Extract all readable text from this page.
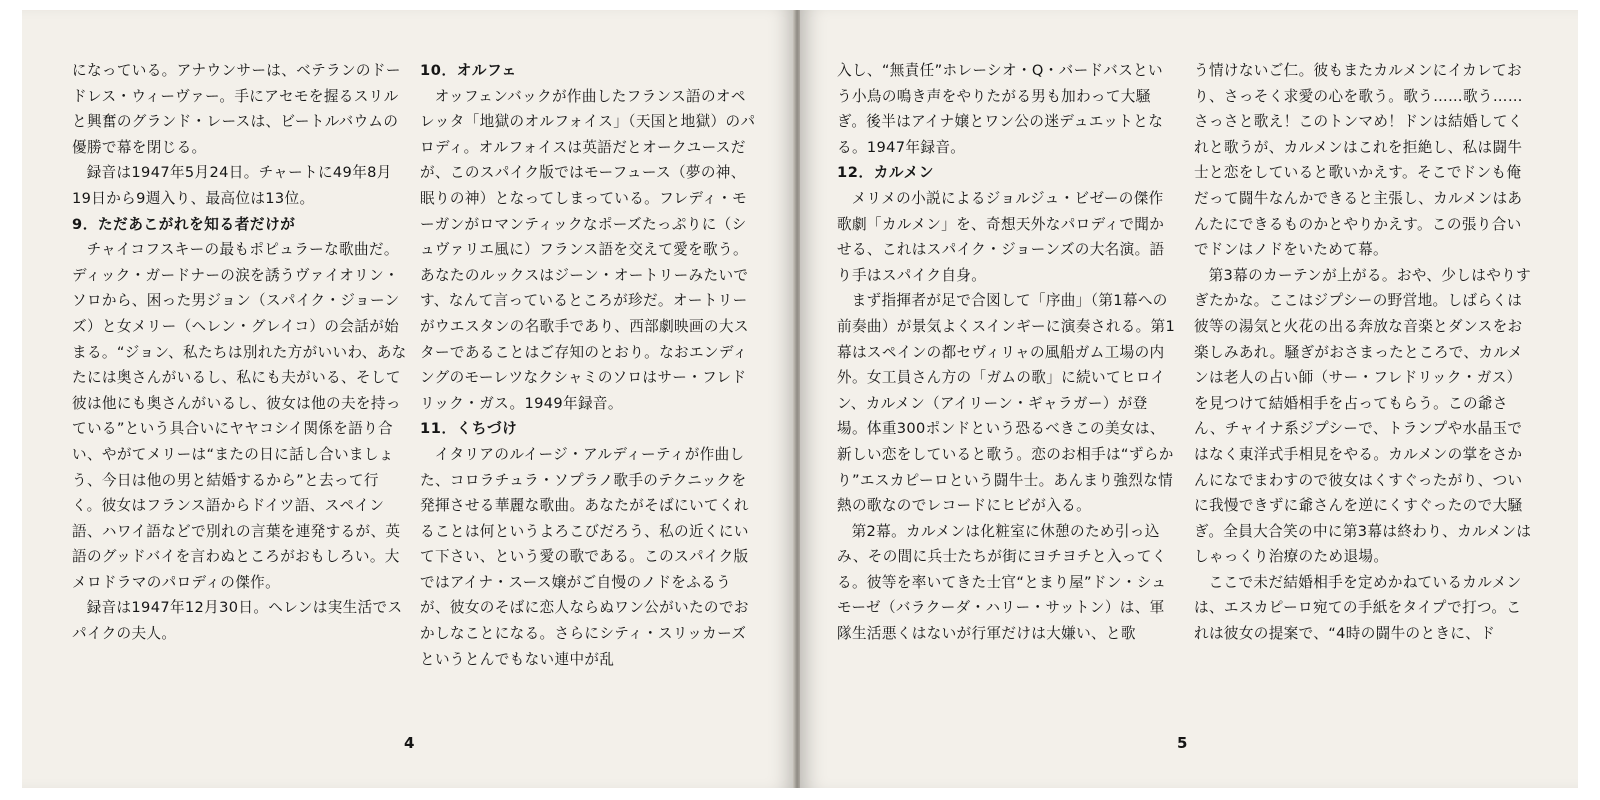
になっている。アナウンサーは、ベテランのドードレス・ウィーヴァー。手にアセモを握るスリルと興奮のグランド・レースは、ビートルバウムの優勝で幕を閉じる。

録音は1947年5月24日。チャートに49年8月19日から9週入り、最高位は13位。

9．ただあこがれを知る者だけが

チャイコフスキーの最もポピュラーな歌曲だ。ディック・ガードナーの涙を誘うヴァイオリン・ソロから、困った男ジョン（スパイク・ジョーンズ）と女メリー（ヘレン・グレイコ）の会話が始まる。“ジョン、私たちは別れた方がいいわ、あなたには奥さんがいるし、私にも夫がいる、そして彼は他にも奥さんがいるし、彼女は他の夫を持っている”という具合いにヤヤコシイ関係を語り合い、やがてメリーは“またの日に話し合いましょう、今日は他の男と結婚するから”と去って行く。彼女はフランス語からドイツ語、スペイン語、ハワイ語などで別れの言葉を連発するが、英語のグッドバイを言わぬところがおもしろい。大メロドラマのパロディの傑作。

録音は1947年12月30日。ヘレンは実生活でスパイクの夫人。

10．オルフェ

オッフェンバックが作曲したフランス語のオペレッタ「地獄のオルフォイス」（天国と地獄）のパロディ。オルフォイスは英語だとオークユースだが、このスパイク版ではモーフュース（夢の神、眠りの神）となってしまっている。フレディ・モーガンがロマンティックなポーズたっぷりに（シュヴァリエ風に）フランス語を交えて愛を歌う。あなたのルックスはジーン・オートリーみたいです、なんて言っているところが珍だ。オートリーがウエスタンの名歌手であり、西部劇映画の大スターであることはご存知のとおり。なおエンディングのモーレツなクシャミのソロはサー・フレドリック・ガス。1949年録音。

11．くちづけ

イタリアのルイージ・アルディーティが作曲した、コロラチュラ・ソプラノ歌手のテクニックを発揮させる華麗な歌曲。あなたがそばにいてくれることは何というよろこびだろう、私の近くにいて下さい、という愛の歌である。このスパイク版ではアイナ・スース嬢がご自慢のノドをふるうが、彼女のそばに恋人ならぬワン公がいたのでおかしなことになる。さらにシティ・スリッカーズというとんでもない連中が乱

4

入し、“無責任”ホレーシオ・Q・バードバスという小鳥の鳴き声をやりたがる男も加わって大騒ぎ。後半はアイナ嬢とワン公の迷デュエットとなる。1947年録音。

12．カルメン

メリメの小説によるジョルジュ・ビゼーの傑作歌劇「カルメン」を、奇想天外なパロディで聞かせる、これはスパイク・ジョーンズの大名演。語り手はスパイク自身。

まず指揮者が足で合図して「序曲」（第1幕への前奏曲）が景気よくスインギーに演奏される。第1幕はスペインの都セヴィリャの風船ガム工場の内外。女工員さん方の「ガムの歌」に続いてヒロイン、カルメン（アイリーン・ギャラガー）が登場。体重300ポンドという恐るべきこの美女は、新しい恋をしていると歌う。恋のお相手は“ずらかり”エスカピーロという闘牛士。あんまり強烈な情熱の歌なのでレコードにヒビが入る。

第2幕。カルメンは化粧室に休憩のため引っ込み、その間に兵士たちが街にヨチヨチと入ってくる。彼等を率いてきた士官“とまり屋”ドン・シュモーゼ（バラクーダ・ハリー・サットン）は、軍隊生活悪くはないが行軍だけは大嫌い、と歌

う情けないご仁。彼もまたカルメンにイカレており、さっそく求愛の心を歌う。歌う……歌う……さっさと歌え！このトンマめ！ドンは結婚してくれと歌うが、カルメンはこれを拒絶し、私は闘牛士と恋をしていると歌いかえす。そこでドンも俺だって闘牛なんかできると主張し、カルメンはあんたにできるものかとやりかえす。この張り合いでドンはノドをいためて幕。

第3幕のカーテンが上がる。おや、少しはやりすぎたかな。ここはジプシーの野営地。しばらくは彼等の湯気と火花の出る奔放な音楽とダンスをお楽しみあれ。騒ぎがおさまったところで、カルメンは老人の占い師（サー・フレドリック・ガス）を見つけて結婚相手を占ってもらう。この爺さん、チャイナ系ジプシーで、トランプや水晶玉ではなく東洋式手相見をやる。カルメンの掌をさかんになでまわすので彼女はくすぐったがり、ついに我慢できずに爺さんを逆にくすぐったので大騒ぎ。全員大合笑の中に第3幕は終わり、カルメンはしゃっくり治療のため退場。

ここで未だ結婚相手を定めかねているカルメンは、エスカピーロ宛ての手紙をタイプで打つ。これは彼女の提案で、“4時の闘牛のときに、ド

5
